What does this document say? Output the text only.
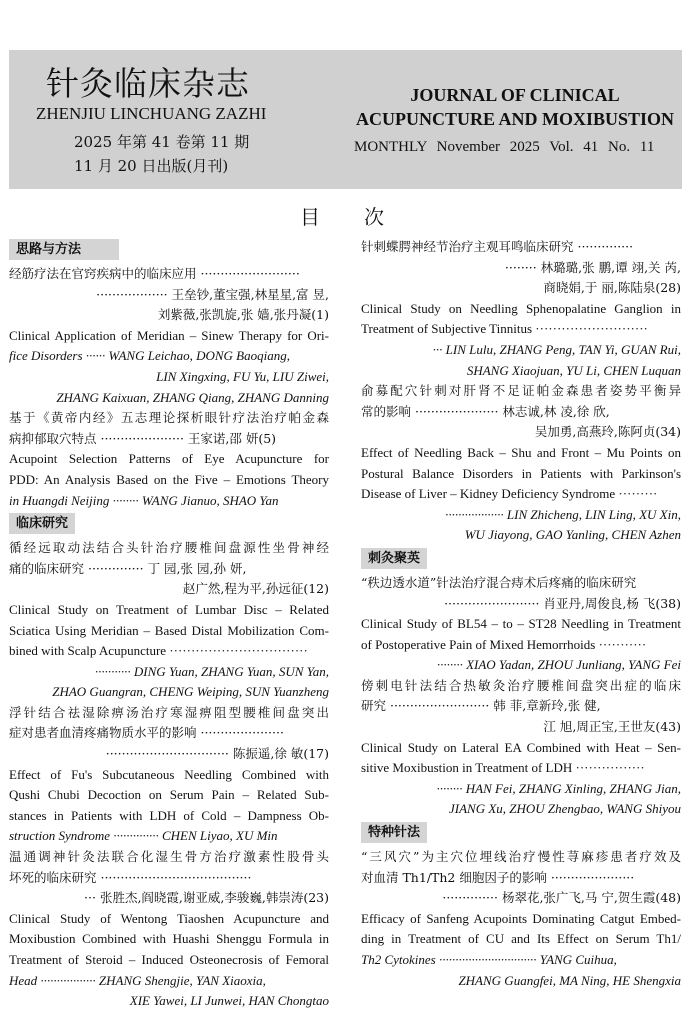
针灸临床杂志
ZHENJIU LINCHUANG ZAZHI
2025 年第 41 卷第 11 期
11 月 20 日出版(月刊)
JOURNAL OF CLINICAL
ACUPUNCTURE AND MOXIBUSTION
MONTHLY November 2025 Vol. 41 No. 11
目次
思路与方法
经筋疗法在官窍疾病中的临床应用 ·························
·················· 王垒钞,董宝强,林星星,富 昱,
刘紫薇,张凯旋,张 嫱,张丹凝(1)
Clinical Application of Meridian – Sinew Therapy for Ori-
fice Disorders ······ WANG Leichao, DONG Baoqiang,
LIN Xingxing, FU Yu, LIU Ziwei,
ZHANG Kaixuan, ZHANG Qiang, ZHANG Danning
基于《黄帝内经》五志理论探析眼针疗法治疗帕金森
病抑郁取穴特点 ····················· 王家诺,邵 妍(5)
Acupoint Selection Patterns of Eye Acupuncture for
PDD: An Analysis Based on the Five – Emotions Theory
in Huangdi Neijing ········ WANG Jianuo, SHAO Yan
临床研究
循经远取动法结合头针治疗腰椎间盘源性坐骨神经
痛的临床研究 ·············· 丁 园,张 园,孙 妍,
赵广然,程为平,孙远征(12)
Clinical Study on Treatment of Lumbar Disc – Related
Sciatica Using Meridian – Based Distal Mobilization Com-
bined with Scalp Acupuncture ································
··········· DING Yuan, ZHANG Yuan, SUN Yan,
ZHAO Guangran, CHENG Weiping, SUN Yuanzheng
浮针结合祛湿除痹汤治疗寒湿痹阻型腰椎间盘突出
症对患者血清疼痛物质水平的影响 ·····················
······························· 陈振遥,徐 敏(17)
Effect of Fu's Subcutaneous Needling Combined with
Qushi Chubi Decoction on Serum Pain – Related Sub-
stances in Patients with LDH of Cold – Dampness Ob-
struction Syndrome ·············· CHEN Liyao, XU Min
温通调神针灸法联合化湿生骨方治疗激素性股骨头
坏死的临床研究 ······································
··· 张胜杰,阎晓霞,谢亚威,李骏巍,韩崇涛(23)
Clinical Study of Wentong Tiaoshen Acupuncture and
Moxibustion Combined with Huashi Shenggu Formula in
Treatment of Steroid – Induced Osteonecrosis of Femoral
Head ················· ZHANG Shengjie, YAN Xiaoxia,
XIE Yawei, LI Junwei, HAN Chongtao
针刺蝶腭神经节治疗主观耳鸣临床研究 ··············
········ 林璐璐,张 鹏,谭 翊,关 芮,
商晓娟,于 丽,陈陆泉(28)
Clinical Study on Needling Sphenopalatine Ganglion in
Treatment of Subjective Tinnitus ··························
··· LIN Lulu, ZHANG Peng, TAN Yi, GUAN Rui,
SHANG Xiaojuan, YU Li, CHEN Luquan
俞募配穴针刺对肝肾不足证帕金森患者姿势平衡异
常的影响 ····················· 林志诚,林 凌,徐 欣,
吴加勇,高燕玲,陈阿贞(34)
Effect of Needling Back – Shu and Front – Mu Points on
Postural Balance Disorders in Patients with Parkinson's
Disease of Liver – Kidney Deficiency Syndrome ·········
·················· LIN Zhicheng, LIN Ling, XU Xin,
WU Jiayong, GAO Yanling, CHEN Azhen
刺灸聚英
“秩边透水道”针法治疗混合痔术后疼痛的临床研究
························ 肖亚丹,周俊良,杨 飞(38)
Clinical Study of BL54 – to – ST28 Needling in Treatment
of Postoperative Pain of Mixed Hemorrhoids ···········
········ XIAO Yadan, ZHOU Junliang, YANG Fei
傍刺电针法结合热敏灸治疗腰椎间盘突出症的临床
研究 ························· 韩 菲,章新玲,张 健,
江 旭,周正宝,王世友(43)
Clinical Study on Lateral EA Combined with Heat – Sen-
sitive Moxibustion in Treatment of LDH ················
········ HAN Fei, ZHANG Xinling, ZHANG Jian,
JIANG Xu, ZHOU Zhengbao, WANG Shiyou
特种针法
“三风穴”为主穴位埋线治疗慢性荨麻疹患者疗效及
对血清 Th1/Th2 细胞因子的影响 ·····················
·············· 杨翠花,张广飞,马 宁,贺生霞(48)
Efficacy of Sanfeng Acupoints Dominating Catgut Embed-
ding in Treatment of CU and Its Effect on Serum Th1/
Th2 Cytokines ······························ YANG Cuihua,
ZHANG Guangfei, MA Ning, HE Shengxia
